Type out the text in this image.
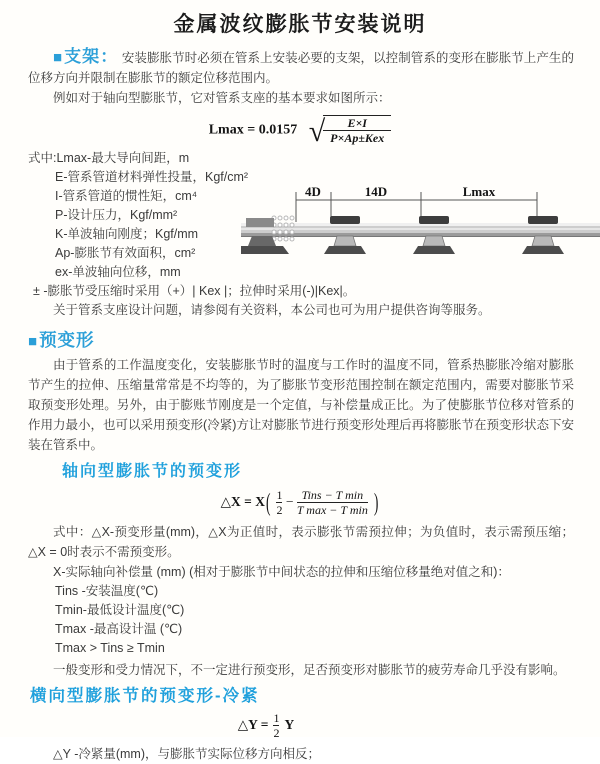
金属波纹膨胀节安装说明

■支架： 安装膨胀节时必须在管系上安装必要的支架，以控制管系的变形在膨胀节上产生的位移方向并限制在膨胀节的额定位移范围内。

例如对于轴向型膨胀节，它对管系支座的基本要求如图所示：

Lmax = 0.0157 √
$\frac{E\times I}{\text{P×Ap±Kex}}$
式中:Lmax-最大导向间距，m
E-管系管道材料弹性投量，Kgf/cm²
I-管系管道的惯性矩，cm⁴
P-设计压力，Kgf/mm²
K-单波轴向刚度；Kgf/mm
Ap-膨胀节有效面积，cm²
ex-单波轴向位移，mm
4D	14D	Lmax
± -膨胀节受压缩时采用（+）| Kex |；拉伸时采用(-)|Kex|。
关于管系支座设计问题，请参阅有关资料，本公司也可为用户提供咨询等服务。
■预变形

由于管系的工作温度变化，安装膨胀节时的温度与工作时的温度不同，管系热膨胀冷缩对膨胀节产生的拉伸、压缩量常常是不均等的，为了膨胀节变形范围控制在额定范围内，需要对膨胀节采取预变形处理。另外，由于膨账节刚度是一个定值，与补偿量成正比。为了使膨胀节位移对管系的作用力最小，也可以采用预变形(冷紧)方让对膨胀节进行预变形处理后再将膨胀节在预变形状态下安装在管系中。

轴向型膨胀节的预变形
△X = $X( \frac{1}{2} - \frac{\text{Tins − T min}}{\text{T max − T min}}$ )

式中：△X-预变形量(mm)，△X为正值时，表示膨张节需预拉伸；为负值时，表示需预压缩；△X = 0时表示不需预变形。

X-实际轴向补偿量 (mm) (相对于膨胀节中间状态的拉伸和压缩位移量绝对值之和)：

Tins -安装温度(℃)
Tmin-最低设计温度(℃)
Tmax -最高设计温 (℃)
Tmax > Tins ≥ Tmin

一般变形和受力情况下，不一定进行预变形，足否预变形对膨胀节的疲劳寿命几乎没有影响。

横向型膨胀节的预变形-冷紧
△Y = $\frac{1}{2}$ Y

△Y -冷紧量(mm)，与膨胀节实际位移方向相反；
